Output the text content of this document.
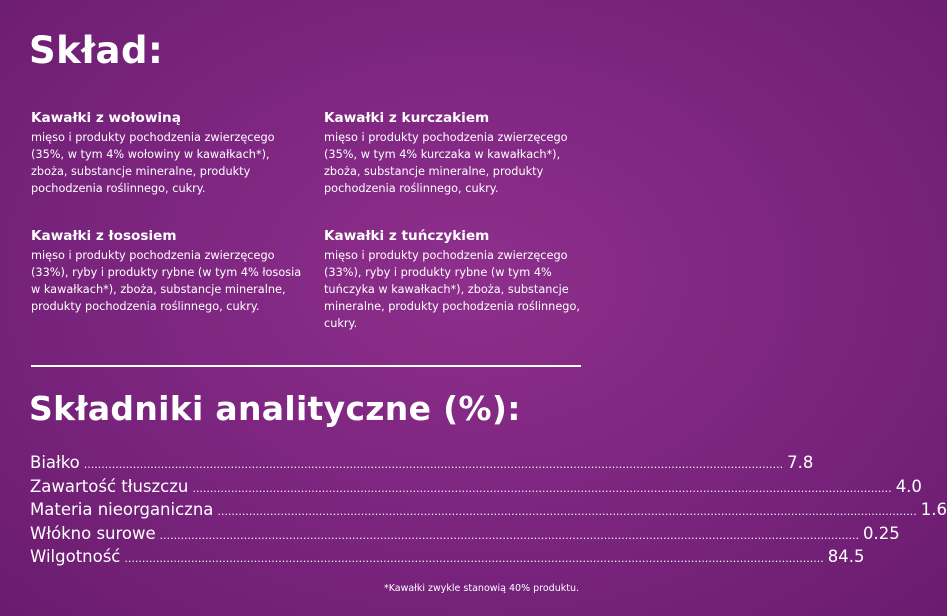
Skład:

Kawałki z wołowiną

mięso i produkty pochodzenia zwierzęcego (35%, w tym 4% wołowiny w kawałkach*), zboża, substancje mineralne, produkty pochodzenia roślinnego, cukry.

Kawałki z kurczakiem

mięso i produkty pochodzenia zwierzęcego (35%, w tym 4% kurczaka w kawałkach*), zboża, substancje mineralne, produkty pochodzenia roślinnego, cukry.

Kawałki z łososiem

mięso i produkty pochodzenia zwierzęcego (33%), ryby i produkty rybne (w tym 4% łososia w kawałkach*), zboża, substancje mineralne, produkty pochodzenia roślinnego, cukry.

Kawałki z tuńczykiem

mięso i produkty pochodzenia zwierzęcego (33%), ryby i produkty rybne (w tym 4% tuńczyka w kawałkach*), zboża, substancje mineralne, produkty pochodzenia roślinnego, cukry.

Składniki analityczne (%):
Białko ........................................................................................................................................................................................................ 7.8
Zawartość tłuszczu ........................................................................................................................................................................................................ 4.0
Materia nieorganiczna ........................................................................................................................................................................................................ 1.6
Włókno surowe ........................................................................................................................................................................................................ 0.25
Wilgotność ........................................................................................................................................................................................................ 84.5
*Kawałki zwykle stanowią 40% produktu.
